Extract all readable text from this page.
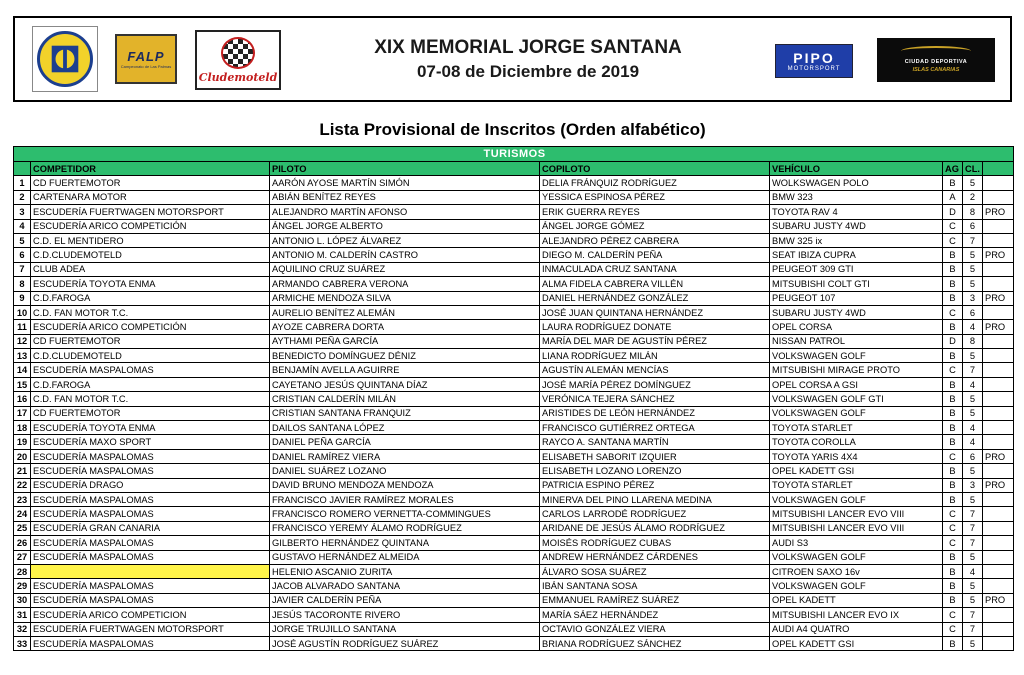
FALP
Campeonato de Las Palmas
Cludemoteld
XIX MEMORIAL JORGE SANTANA
07-08 de Diciembre de 2019
PIPO
MOTORSPORT
CIUDAD DEPORTIVA
ISLAS CANARIAS
Lista Provisional de Inscritos (Orden alfabético)
TURISMOS							
	COMPETIDOR	PILOTO	COPILOTO	VEHÍCULO	AG	CL.	
1	CD FUERTEMOTOR	AARÓN AYOSE MARTÍN SIMÓN	DELIA FRÁNQUIZ RODRÍGUEZ	WOLKSWAGEN POLO	B	5	
2	CARTENARA MOTOR	ABIÁN BENÍTEZ REYES	YESSICA ESPINOSA PÉREZ	BMW 323	A	2	
3	ESCUDERÍA FUERTWAGEN MOTORSPORT	ALEJANDRO MARTÍN AFONSO	ERIK GUERRA REYES	TOYOTA RAV 4	D	8	PRO
4	ESCUDERÍA ARICO COMPETICIÓN	ÁNGEL JORGE ALBERTO	ÁNGEL JORGE GÓMEZ	SUBARU JUSTY 4WD	C	6	
5	C.D. EL MENTIDERO	ANTONIO L. LÓPEZ ÁLVAREZ	ALEJANDRO PÉREZ CABRERA	BMW 325 ix	C	7	
6	C.D.CLUDEMOTELD	ANTONIO M. CALDERÍN CASTRO	DIEGO M. CALDERÍN PEÑA	SEAT IBIZA CUPRA	B	5	PRO
7	CLUB ADEA	AQUILINO CRUZ SUÁREZ	INMACULADA CRUZ SANTANA	PEUGEOT 309 GTI	B	5	
8	ESCUDERÍA TOYOTA ENMA	ARMANDO CABRERA VERONA	ALMA FIDELA CABRERA VILLÉN	MITSUBISHI COLT GTI	B	5	
9	C.D.FAROGA	ARMICHE MENDOZA SILVA	DANIEL HERNÁNDEZ GONZÁLEZ	PEUGEOT 107	B	3	PRO
10	C.D. FAN MOTOR T.C.	AURELIO BENÍTEZ ALEMÁN	JOSÉ JUAN QUINTANA HERNÁNDEZ	SUBARU JUSTY 4WD	C	6	
11	ESCUDERÍA ARICO COMPETICIÓN	AYOZE CABRERA DORTA	LAURA RODRÍGUEZ DONATE	OPEL CORSA	B	4	PRO
12	CD FUERTEMOTOR	AYTHAMI PEÑA GARCÍA	MARÍA DEL MAR DE AGUSTÍN PÉREZ	NISSAN PATROL	D	8	
13	C.D.CLUDEMOTELD	BENEDICTO DOMÍNGUEZ DÉNIZ	LIANA RODRÍGUEZ MILÁN	VOLKSWAGEN GOLF	B	5	
14	ESCUDERÍA MASPALOMAS	BENJAMÍN AVELLA AGUIRRE	AGUSTÍN ALEMÁN MENCÍAS	MITSUBISHI MIRAGE PROTO	C	7	
15	C.D.FAROGA	CAYETANO JESÚS QUINTANA DÍAZ	JOSÉ MARÍA PÉREZ DOMÍNGUEZ	OPEL CORSA A GSI	B	4	
16	C.D. FAN MOTOR T.C.	CRISTIAN CALDERÍN MILÁN	VERÓNICA TEJERA SÁNCHEZ	VOLKSWAGEN GOLF GTI	B	5	
17	CD FUERTEMOTOR	CRISTIAN SANTANA FRANQUIZ	ARISTIDES DE LEÓN HERNÁNDEZ	VOLKSWAGEN GOLF	B	5	
18	ESCUDERÍA TOYOTA ENMA	DAILOS SANTANA LÓPEZ	FRANCISCO GUTIÉRREZ ORTEGA	TOYOTA STARLET	B	4	
19	ESCUDERÍA MAXO SPORT	DANIEL PEÑA GARCÍA	RAYCO A. SANTANA MARTÍN	TOYOTA COROLLA	B	4	
20	ESCUDERÍA MASPALOMAS	DANIEL RAMÍREZ VIERA	ELISABETH SABORIT IZQUIER	TOYOTA YARIS 4X4	C	6	PRO
21	ESCUDERÍA MASPALOMAS	DANIEL SUÁREZ LOZANO	ELISABETH LOZANO LORENZO	OPEL KADETT GSI	B	5	
22	ESCUDERÍA DRAGO	DAVID BRUNO MENDOZA MENDOZA	PATRICIA ESPINO PÉREZ	TOYOTA STARLET	B	3	PRO
23	ESCUDERÍA MASPALOMAS	FRANCISCO JAVIER RAMÍREZ MORALES	MINERVA DEL PINO LLARENA MEDINA	VOLKSWAGEN GOLF	B	5	
24	ESCUDERÍA MASPALOMAS	FRANCISCO ROMERO VERNETTA-COMMINGUES	CARLOS LARRODÉ RODRÍGUEZ	MITSUBISHI LANCER EVO VIII	C	7	
25	ESCUDERÍA GRAN CANARIA	FRANCISCO YEREMY ÁLAMO RODRÍGUEZ	ARIDANE DE JESÚS ÁLAMO RODRÍGUEZ	MITSUBISHI LANCER EVO VIII	C	7	
26	ESCUDERÍA MASPALOMAS	GILBERTO HERNÁNDEZ QUINTANA	MOISÉS RODRÍGUEZ CUBAS	AUDI S3	C	7	
27	ESCUDERÍA MASPALOMAS	GUSTAVO HERNÁNDEZ ALMEIDA	ANDREW HERNÁNDEZ CÁRDENES	VOLKSWAGEN GOLF	B	5	
28		HELENIO ASCANIO ZURITA	ÁLVARO SOSA SUÁREZ	CITROEN SAXO 16v	B	4	
29	ESCUDERÍA MASPALOMAS	JACOB ALVARADO SANTANA	IBÁN SANTANA SOSA	VOLKSWAGEN GOLF	B	5	
30	ESCUDERÍA MASPALOMAS	JAVIER CALDERÍN PEÑA	EMMANUEL RAMÍREZ SUÁREZ	OPEL KADETT	B	5	PRO
31	ESCUDERÍA ARICO COMPETICION	JESÚS TACORONTE RIVERO	MARÍA SÁEZ HERNÁNDEZ	MITSUBISHI LANCER EVO IX	C	7	
32	ESCUDERÍA FUERTWAGEN MOTORSPORT	JORGE TRUJILLO SANTANA	OCTAVIO GONZÁLEZ VIERA	AUDI A4 QUATRO	C	7	
33	ESCUDERÍA MASPALOMAS	JOSÉ AGUSTÍN RODRÍGUEZ SUÁREZ	BRIANA RODRÍGUEZ SÁNCHEZ	OPEL KADETT GSI	B	5	
